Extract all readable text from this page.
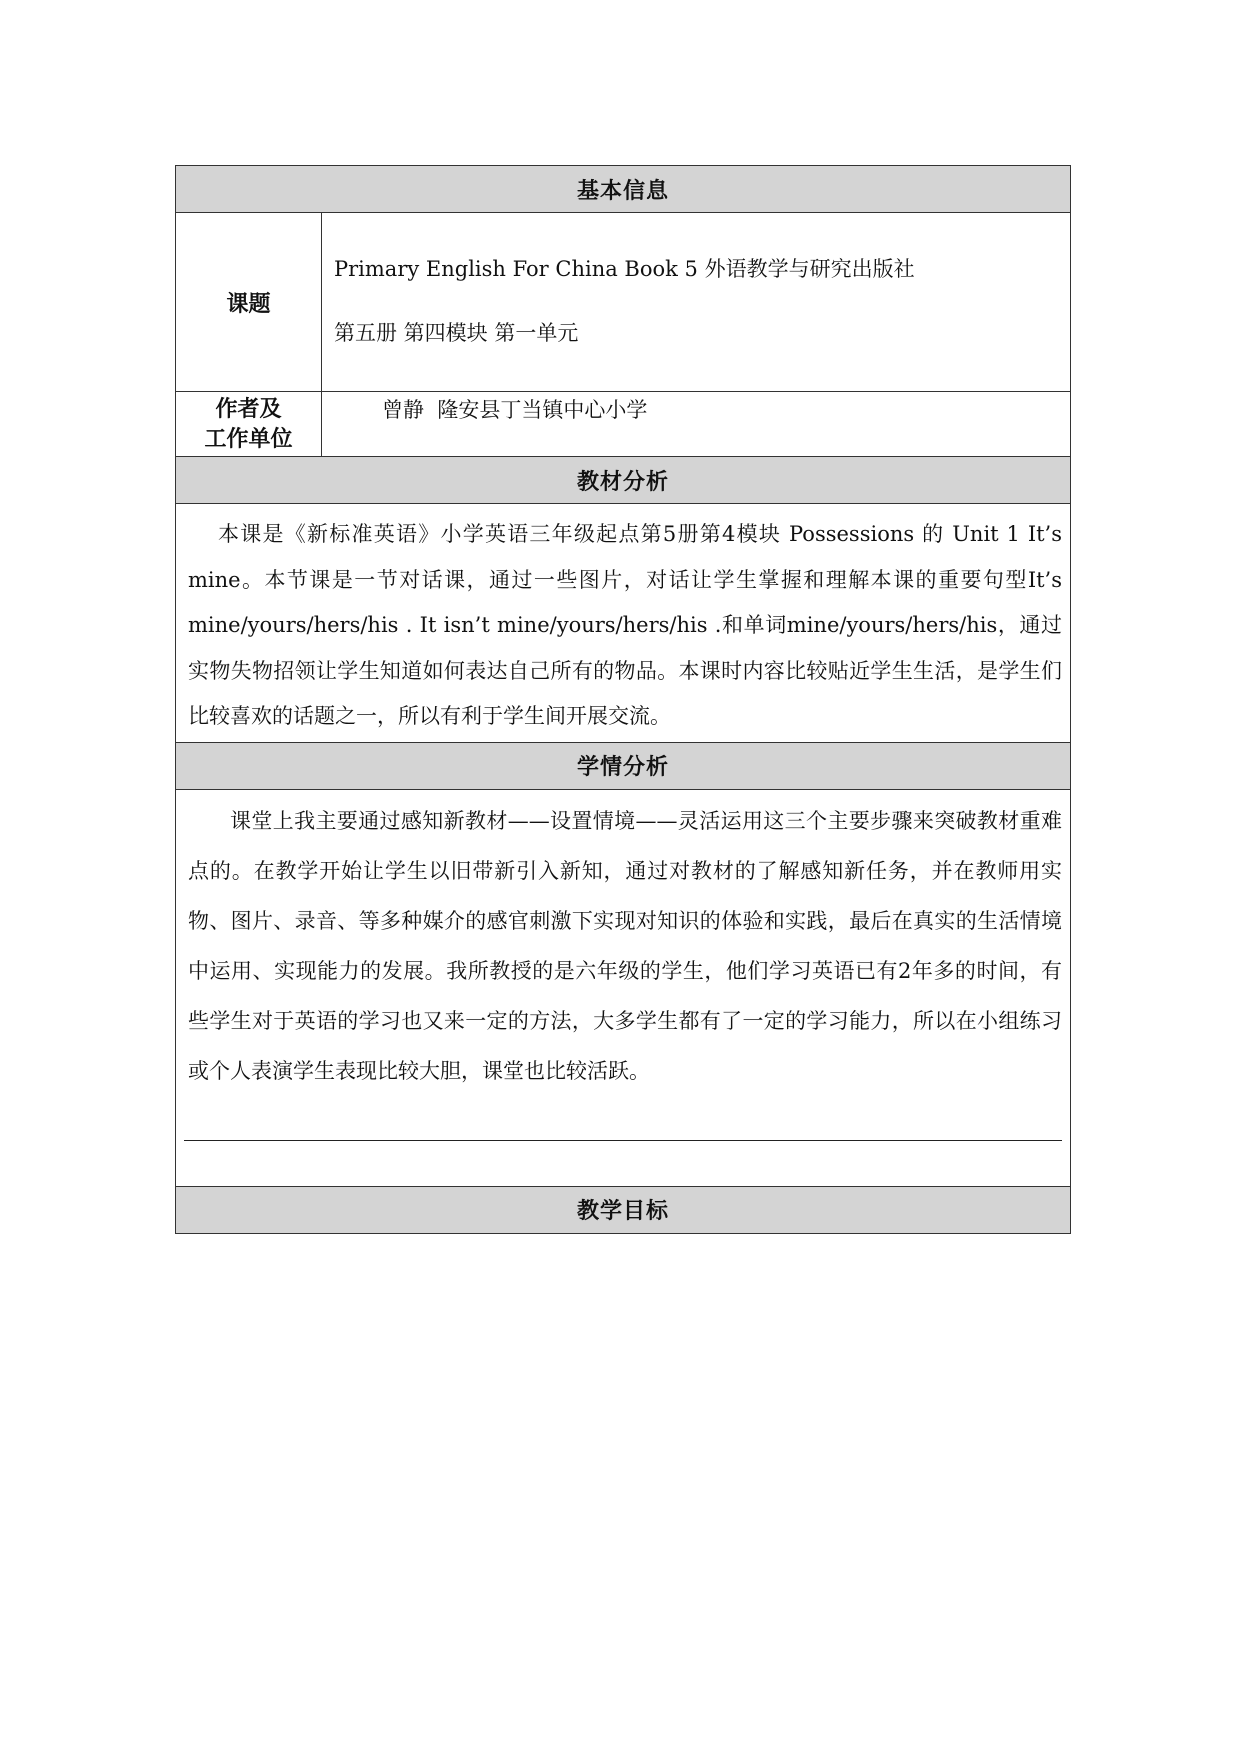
基本信息
课题
Primary English For China Book 5 外语教学与研究出版社
第五册 第四模块 第一单元
作者及
工作单位
曾静  隆安县丁当镇中心小学
教材分析
本课是《新标准英语》小学英语三年级起点第5册第4模块 Possessions 的 Unit 1 It’s mine。本节课是一节对话课，通过一些图片，对话让学生掌握和理解本课的重要句型It’s mine/yours/hers/his . It isn’t mine/yours/hers/his .和单词mine/yours/hers/his，通过实物失物招领让学生知道如何表达自己所有的物品。本课时内容比较贴近学生生活，是学生们比较喜欢的话题之一，所以有利于学生间开展交流。
学情分析
课堂上我主要通过感知新教材——设置情境——灵活运用这三个主要步骤来突破教材重难点的。在教学开始让学生以旧带新引入新知，通过对教材的了解感知新任务，并在教师用实物、图片、录音、等多种媒介的感官刺激下实现对知识的体验和实践，最后在真实的生活情境中运用、实现能力的发展。我所教授的是六年级的学生，他们学习英语已有2年多的时间，有些学生对于英语的学习也又来一定的方法，大多学生都有了一定的学习能力，所以在小组练习或个人表演学生表现比较大胆，课堂也比较活跃。
教学目标
